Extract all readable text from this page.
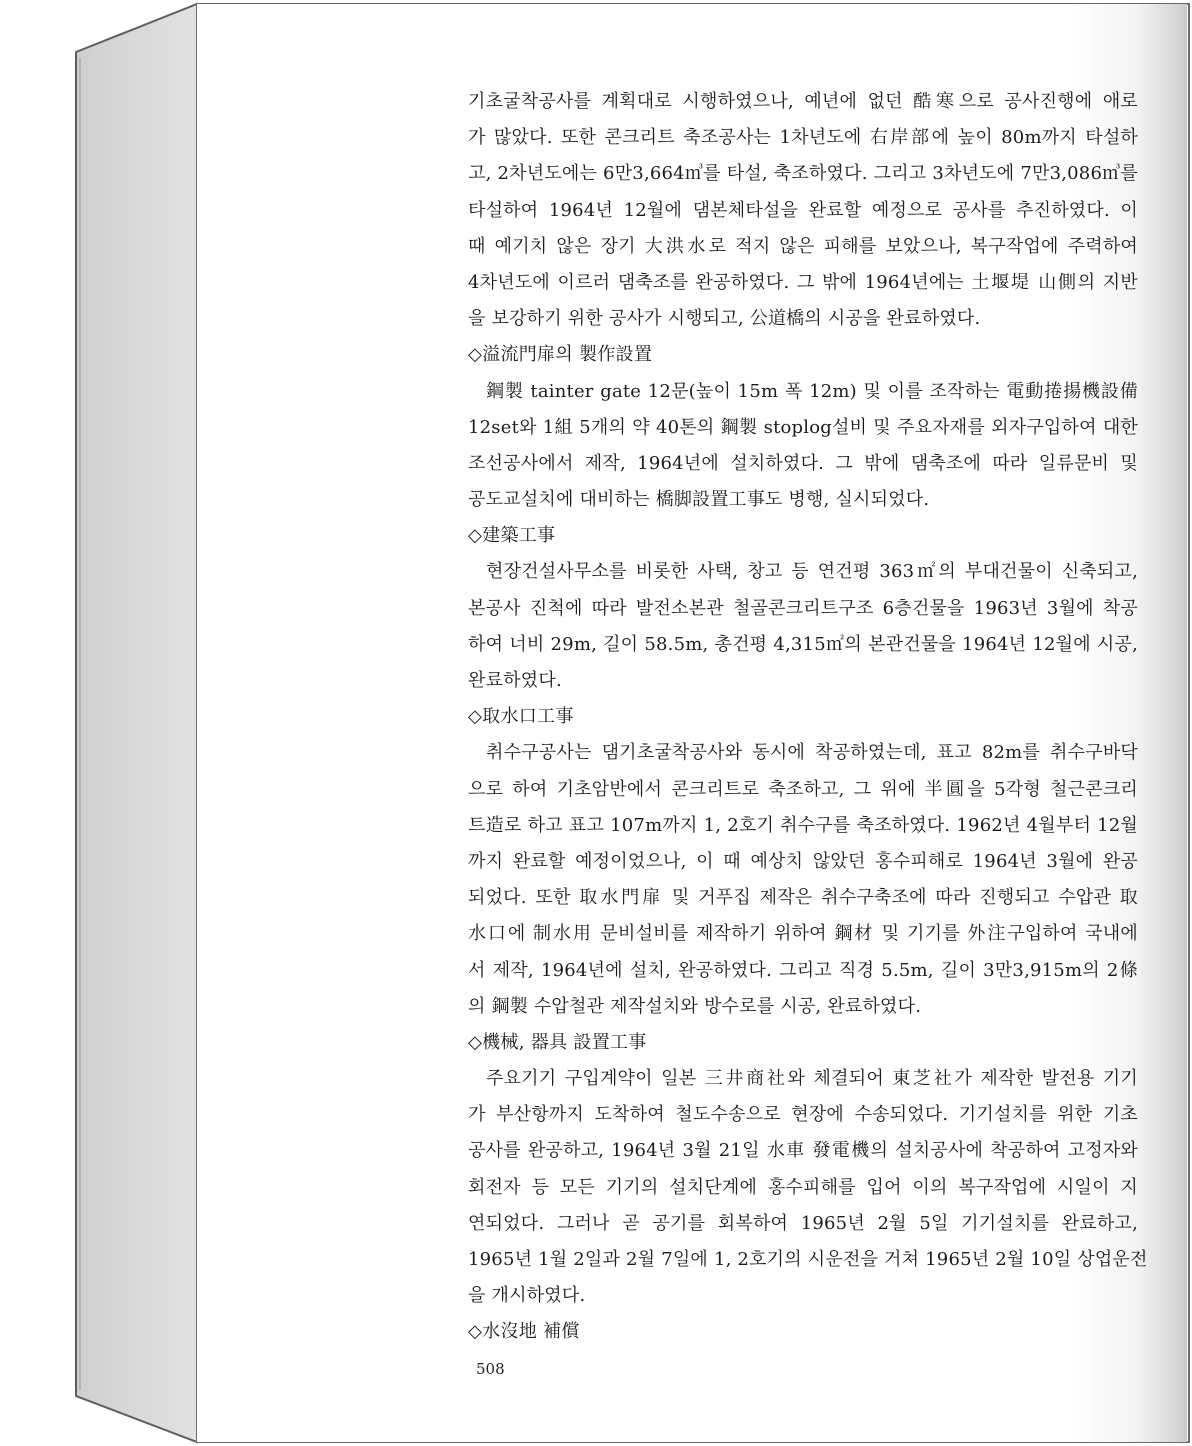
기초굴착공사를 계획대로 시행하였으나, 예년에 없던 酷寒으로 공사진행에 애로
가 많았다. 또한 콘크리트 축조공사는 1차년도에 右岸部에 높이 80m까지 타설하
고, 2차년도에는 6만3,664㎥를 타설, 축조하였다. 그리고 3차년도에 7만3,086㎥를
타설하여 1964년 12월에 댐본체타설을 완료할 예정으로 공사를 추진하였다. 이
때 예기치 않은 장기 大洪水로 적지 않은 피해를 보았으나, 복구작업에 주력하여
4차년도에 이르러 댐축조를 완공하였다. 그 밖에 1964년에는 土堰堤 山側의 지반
을 보강하기 위한 공사가 시행되고, 公道橋의 시공을 완료하였다.
◇溢流門扉의 製作設置
鋼製 tainter gate 12문(높이 15m 폭 12m) 및 이를 조작하는 電動捲揚機設備
12set와 1組 5개의 약 40톤의 鋼製 stoplog설비 및 주요자재를 외자구입하여 대한
조선공사에서 제작, 1964년에 설치하였다. 그 밖에 댐축조에 따라 일류문비 및
공도교설치에 대비하는 橋脚設置工事도 병행, 실시되었다.
◇建築工事
현장건설사무소를 비롯한 사택, 창고 등 연건평 363㎡의 부대건물이 신축되고,
본공사 진척에 따라 발전소본관 철골콘크리트구조 6층건물을 1963년 3월에 착공
하여 너비 29m, 길이 58.5m, 총건평 4,315㎡의 본관건물을 1964년 12월에 시공,
완료하였다.
◇取水口工事
취수구공사는 댐기초굴착공사와 동시에 착공하였는데, 표고 82m를 취수구바닥
으로 하여 기초암반에서 콘크리트로 축조하고, 그 위에 半圓을 5각형 철근콘크리
트造로 하고 표고 107m까지 1, 2호기 취수구를 축조하였다. 1962년 4월부터 12월
까지 완료할 예정이었으나, 이 때 예상치 않았던 홍수피해로 1964년 3월에 완공
되었다. 또한 取水門扉 및 거푸집 제작은 취수구축조에 따라 진행되고 수압관 取
水口에 制水用 문비설비를 제작하기 위하여 鋼材 및 기기를 外注구입하여 국내에
서 제작, 1964년에 설치, 완공하였다. 그리고 직경 5.5m, 길이 3만3,915m의 2條
의 鋼製 수압철관 제작설치와 방수로를 시공, 완료하였다.
◇機械, 器具 設置工事
주요기기 구입계약이 일본 三井商社와 체결되어 東芝社가 제작한 발전용 기기
가 부산항까지 도착하여 철도수송으로 현장에 수송되었다. 기기설치를 위한 기초
공사를 완공하고, 1964년 3월 21일 水車 發電機의 설치공사에 착공하여 고정자와
회전자 등 모든 기기의 설치단계에 홍수피해를 입어 이의 복구작업에 시일이 지
연되었다. 그러나 곧 공기를 회복하여 1965년 2월 5일 기기설치를 완료하고,
1965년 1월 2일과 2월 7일에 1, 2호기의 시운전을 거쳐 1965년 2월 10일 상업운전
을 개시하였다.
◇水沒地 補償
508
